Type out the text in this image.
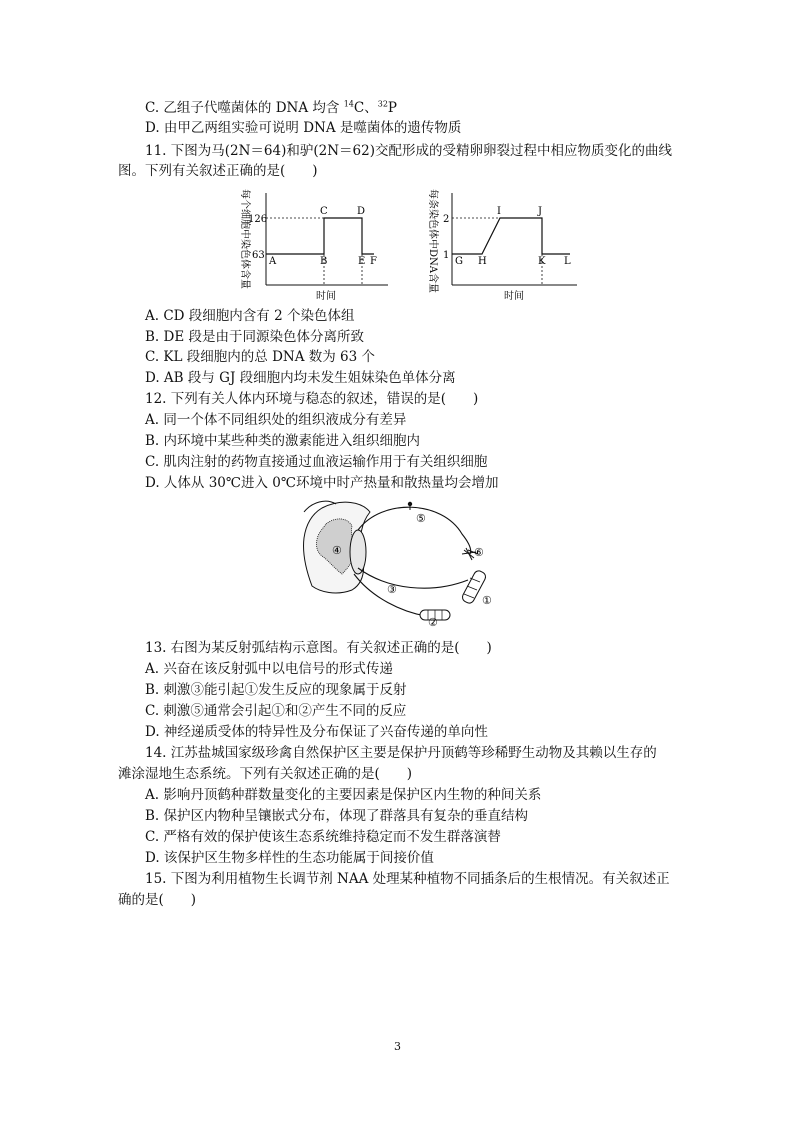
C. 乙组子代噬菌体的 DNA 均含 $^{14}$C、$^{32}$P
D. 由甲乙两组实验可说明 DNA 是噬菌体的遗传物质
11. 下图为马(2N＝64)和驴(2N＝62)交配形成的受精卵卵裂过程中相应物质变化的曲线
图。下列有关叙述正确的是(　　)
每个细胞中染色体含量
126
63
A	B
C	D
E F
时间
每条染色体中DNA含量 2
1
G H
I	J
K L
时间
A. CD 段细胞内含有 2 个染色体组
B. DE 段是由于同源染色体分离所致
C. KL 段细胞内的总 DNA 数为 63 个
D. AB 段与 GJ 段细胞内均未发生姐妹染色单体分离
12. 下列有关人体内环境与稳态的叙述，错误的是(　　)
A. 同一个体不同组织处的组织液成分有差异
B. 内环境中某些种类的激素能进入组织细胞内
C. 肌肉注射的药物直接通过血液运输作用于有关组织细胞
D. 人体从 30℃进入 0℃环境中时产热量和散热量均会增加
①
②
③
④
⑤
⑥
13. 右图为某反射弧结构示意图。有关叙述正确的是(　　)
A. 兴奋在该反射弧中以电信号的形式传递
B. 刺激③能引起①发生反应的现象属于反射
C. 刺激⑤通常会引起①和②产生不同的反应
D. 神经递质受体的特异性及分布保证了兴奋传递的单向性
14. 江苏盐城国家级珍禽自然保护区主要是保护丹顶鹤等珍稀野生动物及其赖以生存的
滩涂湿地生态系统。下列有关叙述正确的是(　　)
A. 影响丹顶鹤种群数量变化的主要因素是保护区内生物的种间关系
B. 保护区内物种呈镶嵌式分布，体现了群落具有复杂的垂直结构
C. 严格有效的保护使该生态系统维持稳定而不发生群落演替
D. 该保护区生物多样性的生态功能属于间接价值
15. 下图为利用植物生长调节剂 NAA 处理某种植物不同插条后的生根情况。有关叙述正
确的是(　　)
3
